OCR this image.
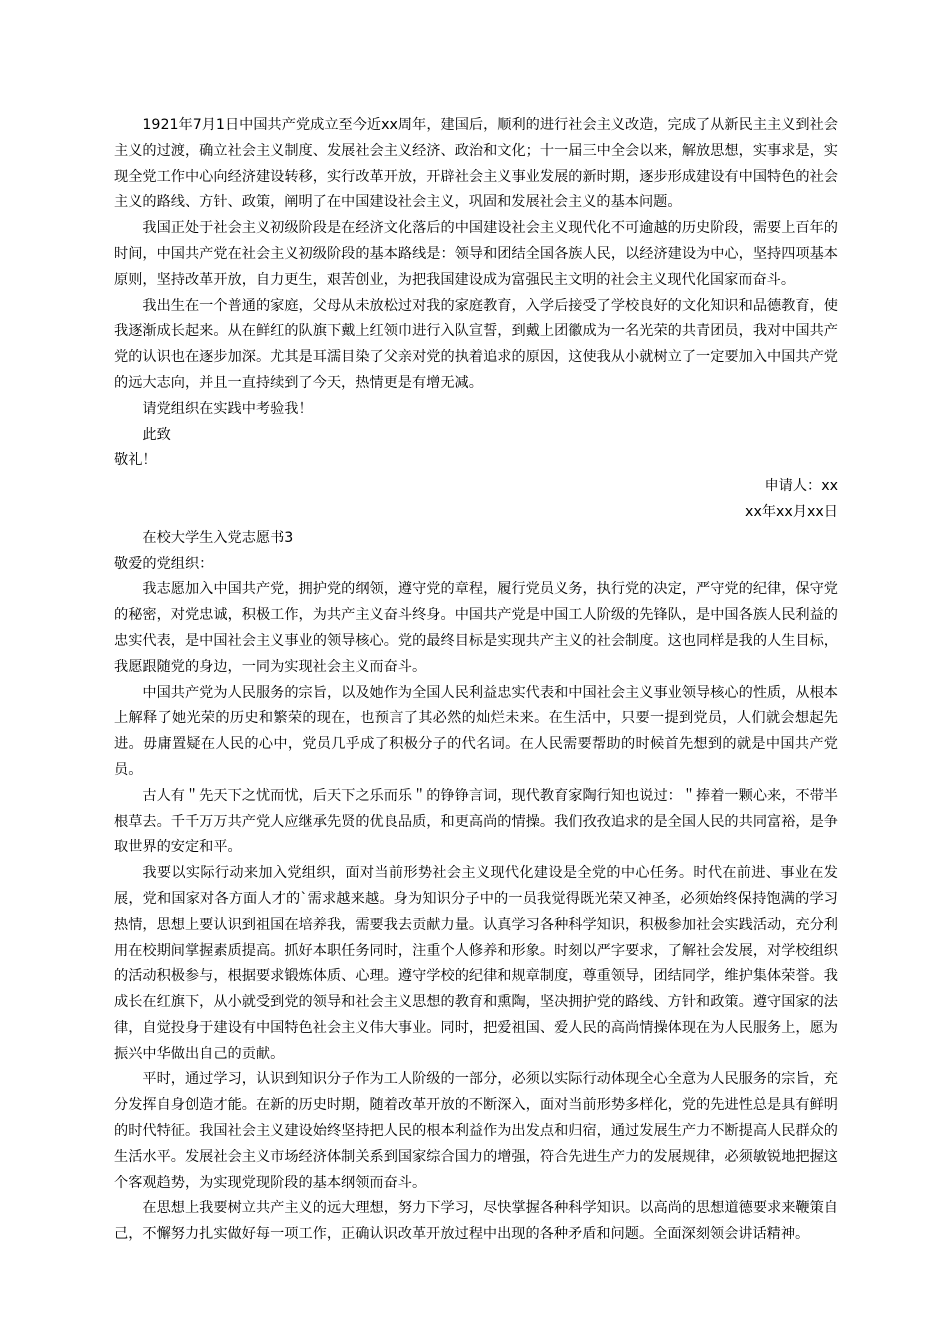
1921年7月1日中国共产党成立至今近xx周年，建国后，顺利的进行社会主义改造，完成了从新民主主义到社会主义的过渡，确立社会主义制度、发展社会主义经济、政治和文化；十一届三中全会以来，解放思想，实事求是，实现全党工作中心向经济建设转移，实行改革开放，开辟社会主义事业发展的新时期，逐步形成建设有中国特色的社会主义的路线、方针、政策，阐明了在中国建设社会主义，巩固和发展社会主义的基本问题。

我国正处于社会主义初级阶段是在经济文化落后的中国建设社会主义现代化不可逾越的历史阶段，需要上百年的时间，中国共产党在社会主义初级阶段的基本路线是：领导和团结全国各族人民，以经济建设为中心，坚持四项基本原则，坚持改革开放，自力更生，艰苦创业，为把我国建设成为富强民主文明的社会主义现代化国家而奋斗。

我出生在一个普通的家庭，父母从未放松过对我的家庭教育，入学后接受了学校良好的文化知识和品德教育，使我逐渐成长起来。从在鲜红的队旗下戴上红领巾进行入队宣誓，到戴上团徽成为一名光荣的共青团员，我对中国共产党的认识也在逐步加深。尤其是耳濡目染了父亲对党的执着追求的原因，这使我从小就树立了一定要加入中国共产党的远大志向，并且一直持续到了今天，热情更是有增无减。

请党组织在实践中考验我！

此致

敬礼！

申请人：xx

xx年xx月xx日

在校大学生入党志愿书3

敬爱的党组织：

我志愿加入中国共产党，拥护党的纲领，遵守党的章程，履行党员义务，执行党的决定，严守党的纪律，保守党的秘密，对党忠诚，积极工作，为共产主义奋斗终身。中国共产党是中国工人阶级的先锋队，是中国各族人民利益的忠实代表，是中国社会主义事业的领导核心。党的最终目标是实现共产主义的社会制度。这也同样是我的人生目标，我愿跟随党的身边，一同为实现社会主义而奋斗。

中国共产党为人民服务的宗旨，以及她作为全国人民利益忠实代表和中国社会主义事业领导核心的性质，从根本上解释了她光荣的历史和繁荣的现在，也预言了其必然的灿烂未来。在生活中，只要一提到党员，人们就会想起先进。毋庸置疑在人民的心中，党员几乎成了积极分子的代名词。在人民需要帮助的时候首先想到的就是中国共产党员。

古人有＂先天下之忧而忧，后天下之乐而乐＂的铮铮言词，现代教育家陶行知也说过：＂捧着一颗心来，不带半根草去。千千万万共产党人应继承先贤的优良品质，和更高尚的情操。我们孜孜追求的是全国人民的共同富裕，是争取世界的安定和平。

我要以实际行动来加入党组织，面对当前形势社会主义现代化建设是全党的中心任务。时代在前进、事业在发展，党和国家对各方面人才的`需求越来越。身为知识分子中的一员我觉得既光荣又神圣，必须始终保持饱满的学习热情，思想上要认识到祖国在培养我，需要我去贡献力量。认真学习各种科学知识，积极参加社会实践活动，充分利用在校期间掌握素质提高。抓好本职任务同时，注重个人修养和形象。时刻以严字要求，了解社会发展，对学校组织的活动积极参与，根据要求锻炼体质、心理。遵守学校的纪律和规章制度，尊重领导，团结同学，维护集体荣誉。我成长在红旗下，从小就受到党的领导和社会主义思想的教育和熏陶，坚决拥护党的路线、方针和政策。遵守国家的法律，自觉投身于建设有中国特色社会主义伟大事业。同时，把爱祖国、爱人民的高尚情操体现在为人民服务上，愿为振兴中华做出自己的贡献。

平时，通过学习，认识到知识分子作为工人阶级的一部分，必须以实际行动体现全心全意为人民服务的宗旨，充分发挥自身创造才能。在新的历史时期，随着改革开放的不断深入，面对当前形势多样化，党的先进性总是具有鲜明的时代特征。我国社会主义建设始终坚持把人民的根本利益作为出发点和归宿，通过发展生产力不断提高人民群众的生活水平。发展社会主义市场经济体制关系到国家综合国力的增强，符合先进生产力的发展规律，必须敏锐地把握这个客观趋势，为实现党现阶段的基本纲领而奋斗。

在思想上我要树立共产主义的远大理想，努力下学习，尽快掌握各种科学知识。以高尚的思想道德要求来鞭策自己，不懈努力扎实做好每一项工作，正确认识改革开放过程中出现的各种矛盾和问题。全面深刻领会讲话精神。
